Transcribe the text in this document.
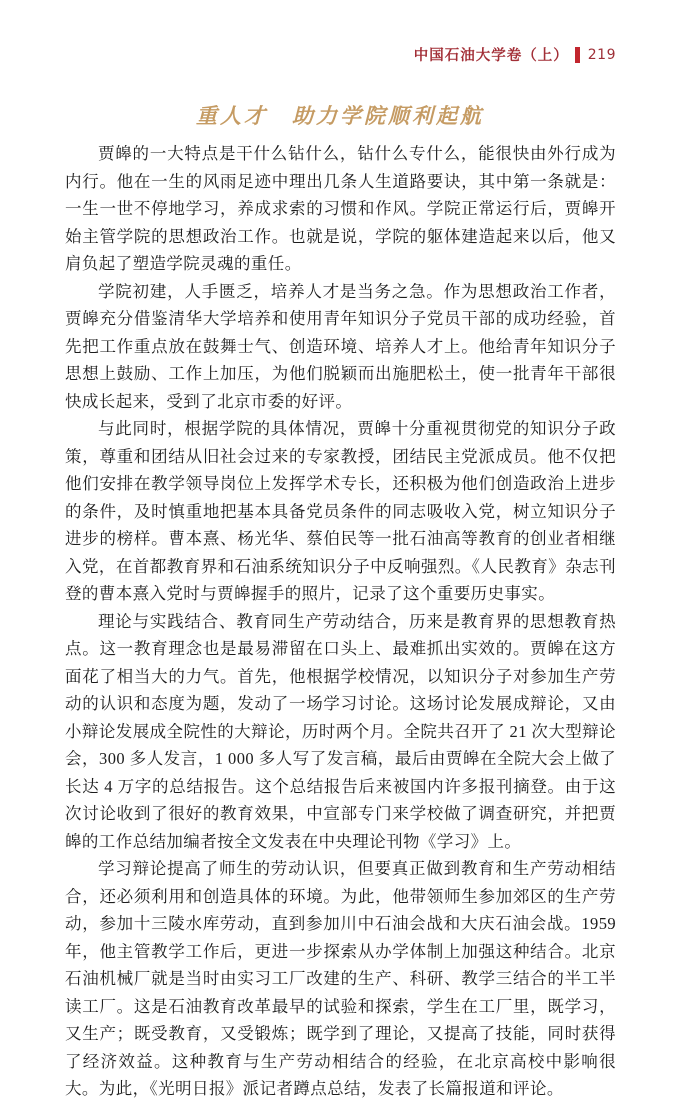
中国石油大学卷（上） 219
重人才　助力学院顺利起航

贾皞的一大特点是干什么钻什么，钻什么专什么，能很快由外行成为内行。他在一生的风雨足迹中理出几条人生道路要诀，其中第一条就是：一生一世不停地学习，养成求索的习惯和作风。学院正常运行后，贾皞开始主管学院的思想政治工作。也就是说，学院的躯体建造起来以后，他又肩负起了塑造学院灵魂的重任。

学院初建，人手匮乏，培养人才是当务之急。作为思想政治工作者，贾皞充分借鉴清华大学培养和使用青年知识分子党员干部的成功经验，首先把工作重点放在鼓舞士气、创造环境、培养人才上。他给青年知识分子思想上鼓励、工作上加压，为他们脱颖而出施肥松土，使一批青年干部很快成长起来，受到了北京市委的好评。

与此同时，根据学院的具体情况，贾皞十分重视贯彻党的知识分子政策，尊重和团结从旧社会过来的专家教授，团结民主党派成员。他不仅把他们安排在教学领导岗位上发挥学术专长，还积极为他们创造政治上进步的条件，及时慎重地把基本具备党员条件的同志吸收入党，树立知识分子进步的榜样。曹本熹、杨光华、蔡伯民等一批石油高等教育的创业者相继入党，在首都教育界和石油系统知识分子中反响强烈。《人民教育》杂志刊登的曹本熹入党时与贾皞握手的照片，记录了这个重要历史事实。

理论与实践结合、教育同生产劳动结合，历来是教育界的思想教育热点。这一教育理念也是最易滞留在口头上、最难抓出实效的。贾皞在这方面花了相当大的力气。首先，他根据学校情况，以知识分子对参加生产劳动的认识和态度为题，发动了一场学习讨论。这场讨论发展成辩论，又由小辩论发展成全院性的大辩论，历时两个月。全院共召开了 21 次大型辩论会，300 多人发言，1 000 多人写了发言稿，最后由贾皞在全院大会上做了长达 4 万字的总结报告。这个总结报告后来被国内许多报刊摘登。由于这次讨论收到了很好的教育效果，中宣部专门来学校做了调查研究，并把贾皞的工作总结加编者按全文发表在中央理论刊物《学习》上。

学习辩论提高了师生的劳动认识，但要真正做到教育和生产劳动相结合，还必须利用和创造具体的环境。为此，他带领师生参加郊区的生产劳动，参加十三陵水库劳动，直到参加川中石油会战和大庆石油会战。1959 年，他主管教学工作后，更进一步探索从办学体制上加强这种结合。北京石油机械厂就是当时由实习工厂改建的生产、科研、教学三结合的半工半读工厂。这是石油教育改革最早的试验和探索，学生在工厂里，既学习，又生产；既受教育，又受锻炼；既学到了理论，又提高了技能，同时获得了经济效益。这种教育与生产劳动相结合的经验，在北京高校中影响很大。为此，《光明日报》派记者蹲点总结，发表了长篇报道和评论。
